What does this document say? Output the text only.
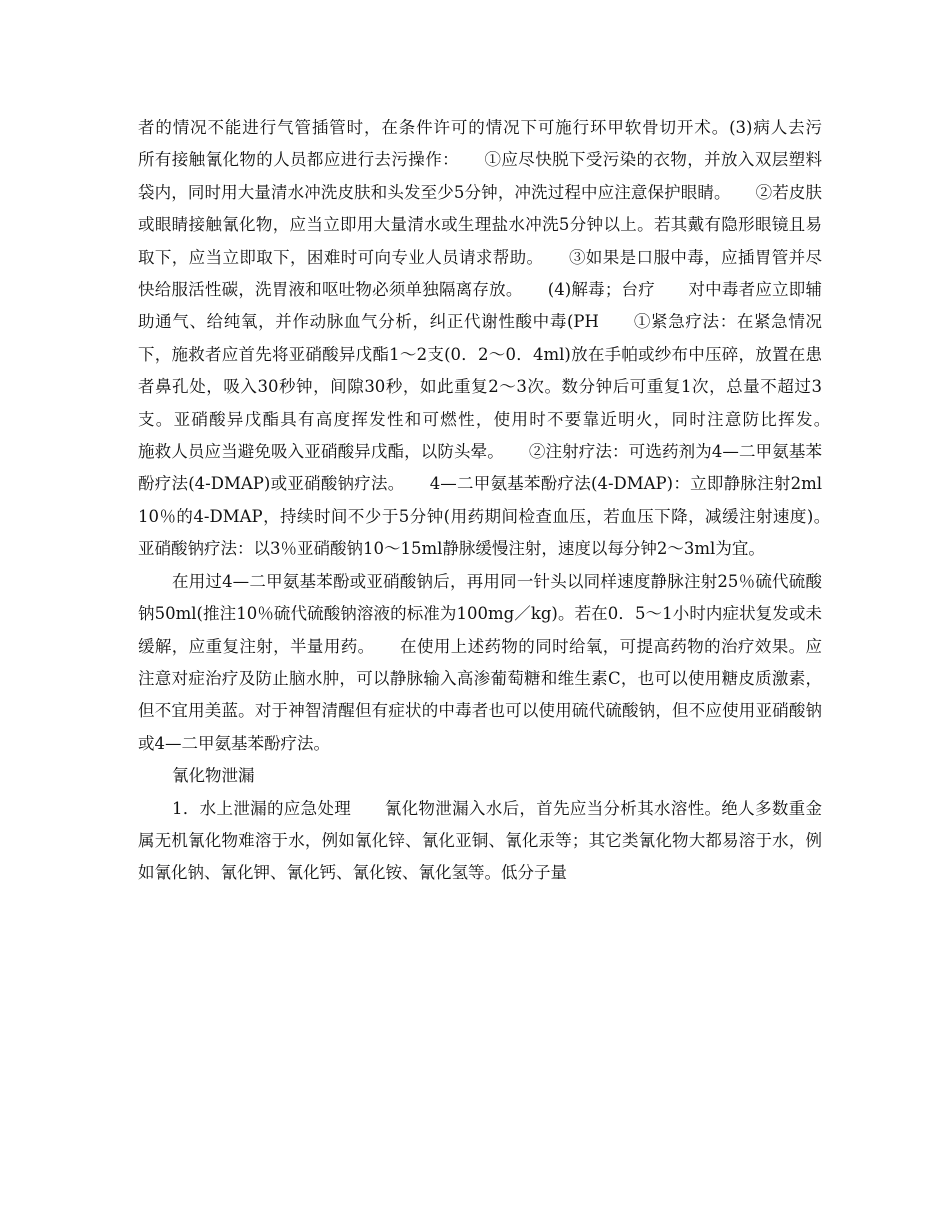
者的情况不能进行气管插管时，在条件许可的情况下可施行环甲软骨切开术。(3)病人去污　　所有接触氰化物的人员都应进行去污操作：　　①应尽快脱下受污染的衣物，并放入双层塑料袋内，同时用大量清水冲洗皮肤和头发至少5分钟，冲洗过程中应注意保护眼睛。　　②若皮肤或眼睛接触氰化物，应当立即用大量清水或生理盐水冲洗5分钟以上。若其戴有隐形眼镜且易取下，应当立即取下，困难时可向专业人员请求帮助。　　③如果是口服中毒，应插胃管并尽快给服活性碳，洗胃液和呕吐物必须单独隔离存放。　　(4)解毒；台疗　　对中毒者应立即辅助通气、给纯氧，并作动脉血气分析，纠正代谢性酸中毒(PH　　①紧急疗法：在紧急情况下，施救者应首先将亚硝酸异戊酯1～2支(0．2～0．4ml)放在手帕或纱布中压碎，放置在患者鼻孔处，吸入30秒钟，间隙30秒，如此重复2～3次。数分钟后可重复1次，总量不超过3支。亚硝酸异戊酯具有高度挥发性和可燃性，使用时不要靠近明火，同时注意防比挥发。　　施救人员应当避免吸入亚硝酸异戊酯，以防头晕。　　②注射疗法：可选药剂为4—二甲氨基苯酚疗法(4-DMAP)或亚硝酸钠疗法。　　4—二甲氨基苯酚疗法(4-DMAP)：立即静脉注射2ml 10％的4-DMAP，持续时间不少于5分钟(用药期间检查血压，若血压下降，减缓注射速度)。　　亚硝酸钠疗法：以3％亚硝酸钠10～15ml静脉缓慢注射，速度以每分钟2～3ml为宜。

在用过4—二甲氨基苯酚或亚硝酸钠后，再用同一针头以同样速度静脉注射25％硫代硫酸钠50ml(推注10％硫代硫酸钠溶液的标准为100mg／kg)。若在0．5～1小时内症状复发或未缓解，应重复注射，半量用药。　　在使用上述药物的同时给氧，可提高药物的治疗效果。应注意对症治疗及防止脑水肿，可以静脉输入高渗葡萄糖和维生素C，也可以使用糖皮质激素，但不宜用美蓝。对于神智清醒但有症状的中毒者也可以使用硫代硫酸钠，但不应使用亚硝酸钠或4—二甲氨基苯酚疗法。

氰化物泄漏

1．水上泄漏的应急处理　　氰化物泄漏入水后，首先应当分析其水溶性。绝人多数重金属无机氰化物难溶于水，例如氰化锌、氰化亚铜、氰化汞等；其它类氰化物大都易溶于水，例如氰化钠、氰化钾、氰化钙、氰化铵、氰化氢等。低分子量
